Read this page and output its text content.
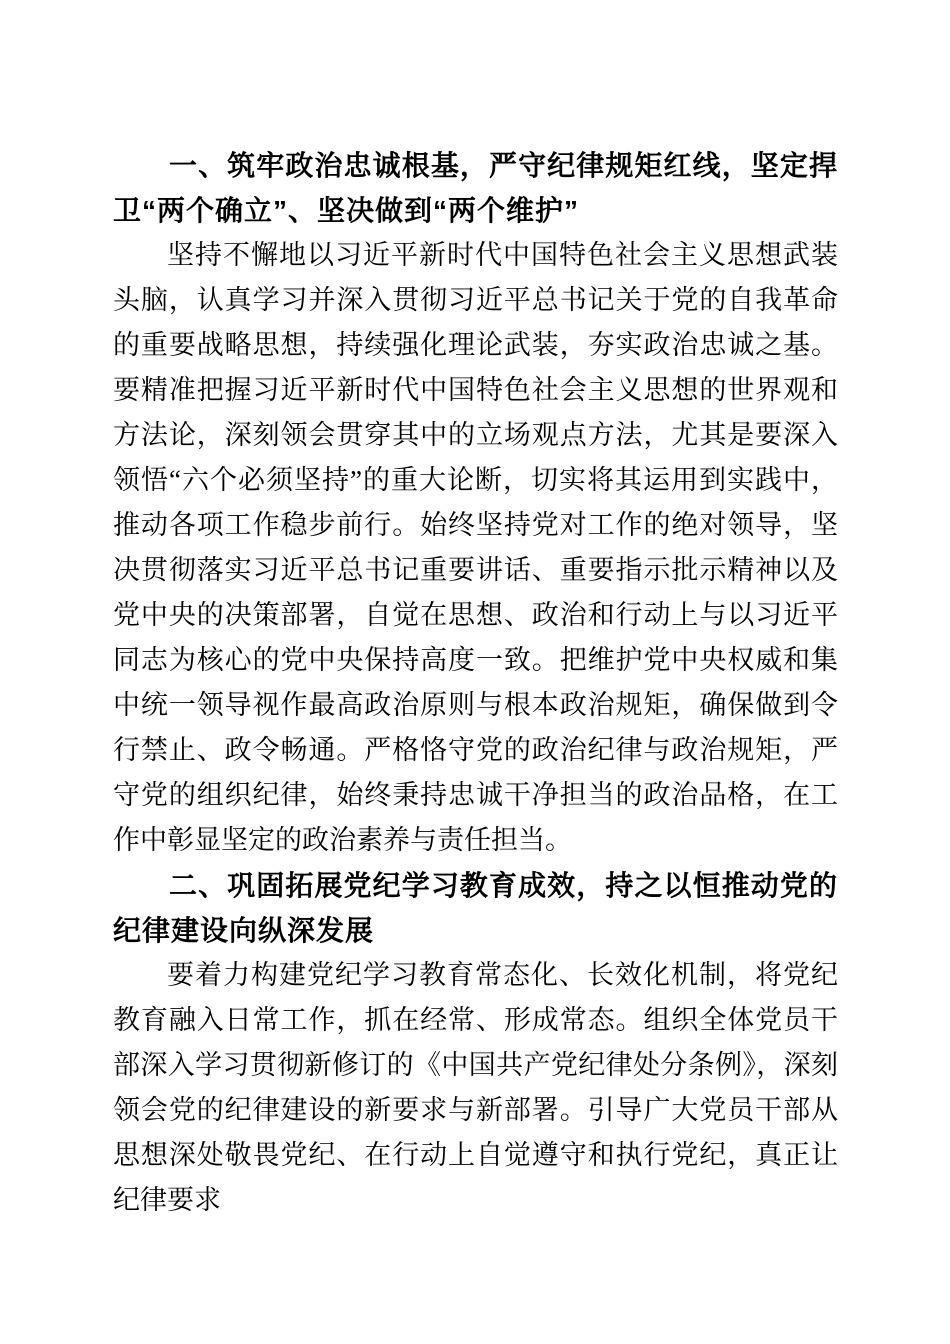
一、筑牢政治忠诚根基，严守纪律规矩红线，坚定捍卫“两个确立”、坚决做到“两个维护”

坚持不懈地以习近平新时代中国特色社会主义思想武装头脑，认真学习并深入贯彻习近平总书记关于党的自我革命的重要战略思想，持续强化理论武装，夯实政治忠诚之基。要精准把握习近平新时代中国特色社会主义思想的世界观和方法论，深刻领会贯穿其中的立场观点方法，尤其是要深入领悟“六个必须坚持”的重大论断，切实将其运用到实践中，推动各项工作稳步前行。始终坚持党对工作的绝对领导，坚决贯彻落实习近平总书记重要讲话、重要指示批示精神以及党中央的决策部署，自觉在思想、政治和行动上与以习近平同志为核心的党中央保持高度一致。把维护党中央权威和集中统一领导视作最高政治原则与根本政治规矩，确保做到令行禁止、政令畅通。严格恪守党的政治纪律与政治规矩，严守党的组织纪律，始终秉持忠诚干净担当的政治品格，在工作中彰显坚定的政治素养与责任担当。

二、巩固拓展党纪学习教育成效，持之以恒推动党的纪律建设向纵深发展

要着力构建党纪学习教育常态化、长效化机制，将党纪教育融入日常工作，抓在经常、形成常态。组织全体党员干部深入学习贯彻新修订的《中国共产党纪律处分条例》，深刻领会党的纪律建设的新要求与新部署。引导广大党员干部从思想深处敬畏党纪、在行动上自觉遵守和执行党纪，真正让纪律要求
